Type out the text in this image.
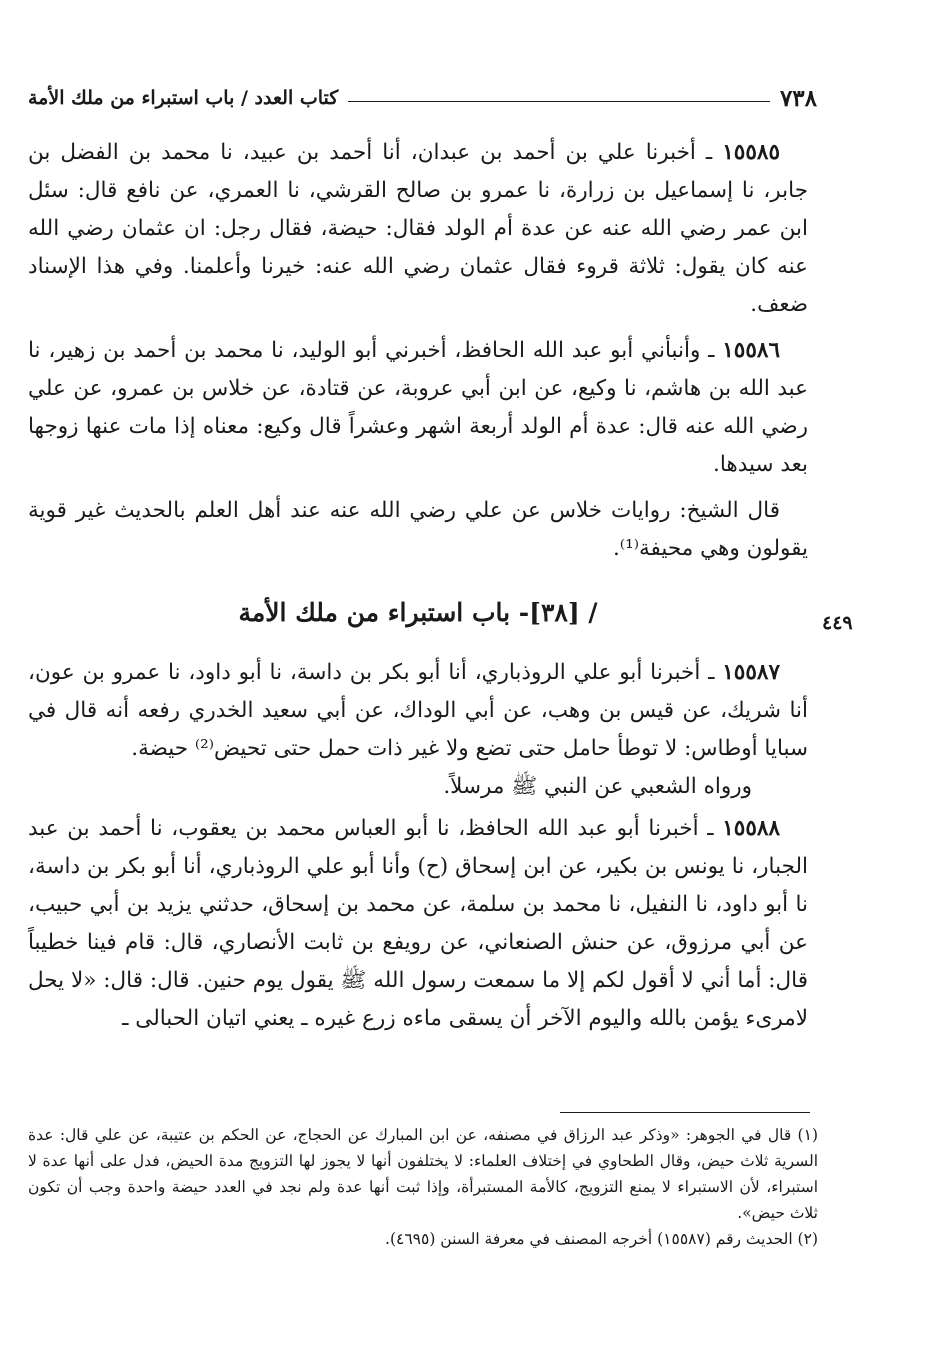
٧٣٨
كتاب العدد / باب استبراء من ملك الأمة

١٥٥٨٥ ـ أخبرنا علي بن أحمد بن عبدان، أنا أحمد بن عبيد، نا محمد بن الفضل بن جابر، نا إسماعيل بن زرارة، نا عمرو بن صالح القرشي، نا العمري، عن نافع قال: سئل ابن عمر رضي الله عنه عن عدة أم الولد فقال: حيضة، فقال رجل: ان عثمان رضي الله عنه كان يقول: ثلاثة قروء فقال عثمان رضي الله عنه: خيرنا وأعلمنا. وفي هذا الإسناد ضعف.

١٥٥٨٦ ـ وأنبأني أبو عبد الله الحافظ، أخبرني أبو الوليد، نا محمد بن أحمد بن زهير، نا عبد الله بن هاشم، نا وكيع، عن ابن أبي عروبة، عن قتادة، عن خلاس بن عمرو، عن علي رضي الله عنه قال: عدة أم الولد أربعة اشهر وعشراً قال وكيع: معناه إذا مات عنها زوجها بعد سيدها.

قال الشيخ: روايات خلاس عن علي رضي الله عنه عند أهل العلم بالحديث غير قوية يقولون وهي محيفة⁽¹⁾.

/ [٣٨]- باب استبراء من ملك الأمة	٤٤٩

١٥٥٨٧ ـ أخبرنا أبو علي الروذباري، أنا أبو بكر بن داسة، نا أبو داود، نا عمرو بن عون، أنا شريك، عن قيس بن وهب، عن أبي الوداك، عن أبي سعيد الخدري رفعه أنه قال في سبايا أوطاس: لا توطأ حامل حتى تضع ولا غير ذات حمل حتى تحيض⁽²⁾ حيضة.

ورواه الشعبي عن النبي ﷺ مرسلاً.

١٥٥٨٨ ـ أخبرنا أبو عبد الله الحافظ، نا أبو العباس محمد بن يعقوب، نا أحمد بن عبد الجبار، نا يونس بن بكير، عن ابن إسحاق (ح) وأنا أبو علي الروذباري، أنا أبو بكر بن داسة، نا أبو داود، نا النفيل، نا محمد بن سلمة، عن محمد بن إسحاق، حدثني يزيد بن أبي حبيب، عن أبي مرزوق، عن حنش الصنعاني، عن رويفع بن ثابت الأنصاري، قال: قام فينا خطيباً قال: أما أني لا أقول لكم إلا ما سمعت رسول الله ﷺ يقول يوم حنين. قال: قال: «لا يحل لامرىء يؤمن بالله واليوم الآخر أن يسقى ماءه زرع غيره ـ يعني اتيان الحبالى ـ

(١) قال في الجوهر: «وذكر عبد الرزاق في مصنفه، عن ابن المبارك عن الحجاج، عن الحكم بن عتيبة، عن علي قال: عدة السرية ثلاث حيض، وقال الطحاوي في إختلاف العلماء: لا يختلفون أنها لا يجوز لها التزويج مدة الحيض، فدل على أنها عدة لا استبراء، لأن الاستبراء لا يمنع التزويج، كالأمة المستبرأة، وإذا ثبت أنها عدة ولم نجد في العدد حيضة واحدة وجب أن تكون ثلاث حيض».

(٢) الحديث رقم (١٥٥٨٧) أخرجه المصنف في معرفة السنن (٤٦٩٥).
